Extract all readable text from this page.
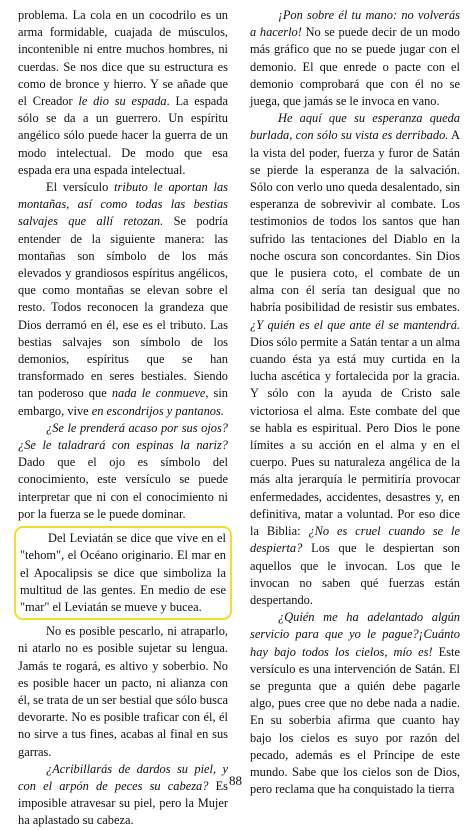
problema. La cola en un cocodrilo es un arma formidable, cuajada de músculos, incontenible ni entre muchos hombres, ni cuerdas. Se nos dice que su estructura es como de bronce y hierro. Y se añade que el Creador le dio su espada. La espada sólo se da a un guerrero. Un espíritu angélico sólo puede hacer la guerra de un modo intelectual. De modo que esa espada era una espada intelectual.

El versículo tributo le aportan las montañas, así como todas las bestias salvajes que allí retozan. Se podría entender de la siguiente manera: las montañas son símbolo de los más elevados y grandiosos espíritus angélicos, que como montañas se elevan sobre el resto. Todos reconocen la grandeza que Dios derramó en él, ese es el tributo. Las bestias salvajes son símbolo de los demonios, espíritus que se han transformado en seres bestiales. Siendo tan poderoso que nada le conmueve, sin embargo, vive en escondrijos y pantanos.

¿Se le prenderá acaso por sus ojos? ¿Se le taladrará con espinas la nariz? Dado que el ojo es símbolo del conocimiento, este versículo se puede interpretar que ni con el conocimiento ni por la fuerza se le puede dominar.

Del Leviatán se dice que vive en el "tehom", el Océano originario. El mar en el Apocalipsis se dice que simboliza la multitud de las gentes. En medio de ese "mar" el Leviatán se mueve y bucea.

No es posible pescarlo, ni atraparlo, ni atarlo no es posible sujetar su lengua. Jamás te rogará, es altivo y soberbio. No es posible hacer un pacto, ni alianza con él, se trata de un ser bestial que sólo busca devorarte. No es posible traficar con él, él no sirve a tus fines, acabas al final en sus garras.

¿Acribillarás de dardos su piel, y con el arpón de peces su cabeza? Es imposible atravesar su piel, pero la Mujer ha aplastado su cabeza.

¡Pon sobre él tu mano: no volverás a hacerlo! No se puede decir de un modo más gráfico que no se puede jugar con el demonio. El que enrede o pacte con el demonio comprobará que con él no se juega, que jamás se le invoca en vano.

He aquí que su esperanza queda burlada, con sólo su vista es derribado. A la vista del poder, fuerza y furor de Satán se pierde la esperanza de la salvación. Sólo con verlo uno queda desalentado, sin esperanza de sobrevivir al combate. Los testimonios de todos los santos que han sufrido las tentaciones del Diablo en la noche oscura son concordantes. Sin Dios que le pusiera coto, el combate de un alma con él sería tan desigual que no habría posibilidad de resistir sus embates. ¿Y quién es el que ante él se mantendrá. Dios sólo permite a Satán tentar a un alma cuando ésta ya está muy curtida en la lucha ascética y fortalecida por la gracia. Y sólo con la ayuda de Cristo sale victoriosa el alma. Este combate del que se habla es espiritual. Pero Dios le pone límites a su acción en el alma y en el cuerpo. Pues su naturaleza angélica de la más alta jerarquía le permitiría provocar enfermedades, accidentes, desastres y, en definitiva, matar a voluntad. Por eso dice la Biblia: ¿No es cruel cuando se le despierta? Los que le despiertan son aquellos que le invocan. Los que le invocan no saben qué fuerzas están despertando.

¿Quién me ha adelantado algún servicio para que yo le pague?¡Cuánto hay bajo todos los cielos, mío es! Este versículo es una intervención de Satán. El se pregunta que a quién debe pagarle algo, pues cree que no debe nada a nadie. En su soberbia afirma que cuanto hay bajo los cielos es suyo por razón del pecado, además es el Príncipe de este mundo. Sabe que los cielos son de Dios, pero reclama que ha conquistado la tierra

88
